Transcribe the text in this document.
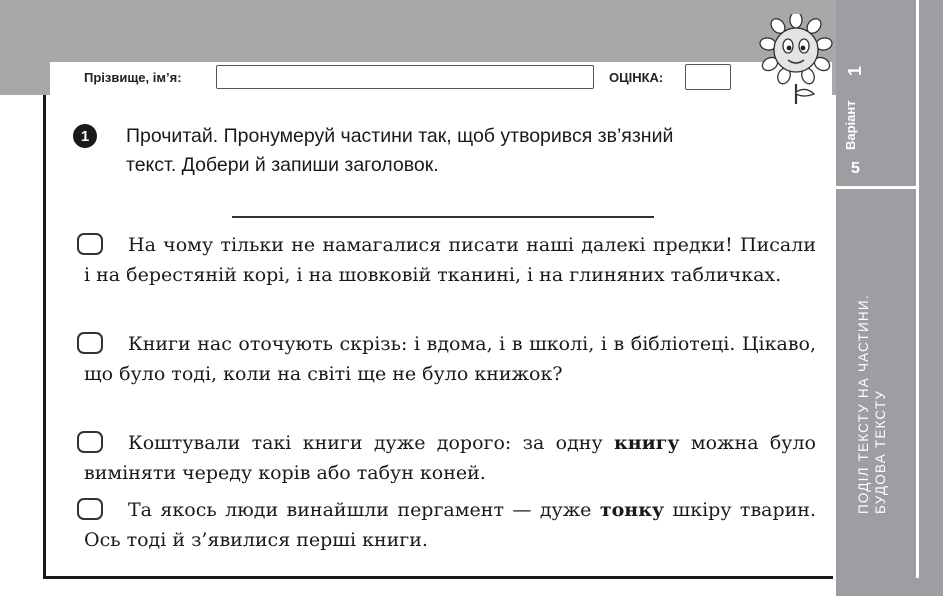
Прізвище, ім’я:	ОЦІНКА:	1
Варіант
5
ПОДІЛ ТЕКСТУ НА ЧАСТИНИ. БУДОВА ТЕКСТУ
1	Прочитай. Пронумеруй частини так, щоб утворився зв’язний
текст. Добери й запиши заголовок.
На чому тільки не намагалися писати наші далекі предки! Писали і на берестяній корі, і на шовковій тканині, і на глиняних табличках.
Книги нас оточують скрізь: і вдома, і в школі, і в бібліотеці. Цікаво, що було тоді, коли на світі ще не було книжок?
Коштували такі книги дуже дорого: за одну книгу можна було виміняти череду корів або табун коней.
Та якось люди винайшли пергамент — дуже тонку шкіру тварин. Ось тоді й з’явилися перші книги.
